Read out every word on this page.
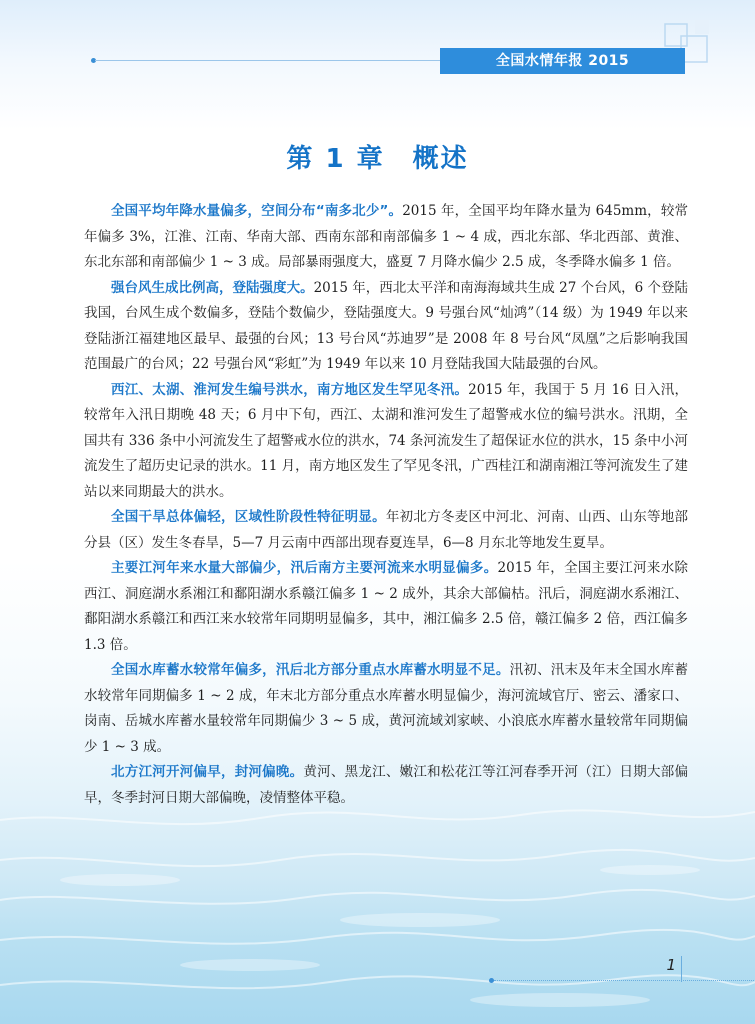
全国水情年报 2015
第 1 章　概述

全国平均年降水量偏多，空间分布“南多北少”。2015 年，全国平均年降水量为 645mm，较常年偏多 3%，江淮、江南、华南大部、西南东部和南部偏多 1 ~ 4 成，西北东部、华北西部、黄淮、东北东部和南部偏少 1 ~ 3 成。局部暴雨强度大，盛夏 7 月降水偏少 2.5 成，冬季降水偏多 1 倍。

强台风生成比例高，登陆强度大。2015 年，西北太平洋和南海海域共生成 27 个台风，6 个登陆我国，台风生成个数偏多，登陆个数偏少，登陆强度大。9 号强台风“灿鸿”（14 级）为 1949 年以来登陆浙江福建地区最早、最强的台风；13 号台风“苏迪罗”是 2008 年 8 号台风“凤凰”之后影响我国范围最广的台风；22 号强台风“彩虹”为 1949 年以来 10 月登陆我国大陆最强的台风。

西江、太湖、淮河发生编号洪水，南方地区发生罕见冬汛。2015 年，我国于 5 月 16 日入汛，较常年入汛日期晚 48 天；6 月中下旬，西江、太湖和淮河发生了超警戒水位的编号洪水。汛期，全国共有 336 条中小河流发生了超警戒水位的洪水，74 条河流发生了超保证水位的洪水，15 条中小河流发生了超历史记录的洪水。11 月，南方地区发生了罕见冬汛，广西桂江和湖南湘江等河流发生了建站以来同期最大的洪水。

全国干旱总体偏轻，区域性阶段性特征明显。年初北方冬麦区中河北、河南、山西、山东等地部分县（区）发生冬春旱，5—7 月云南中西部出现春夏连旱，6—8 月东北等地发生夏旱。

主要江河年来水量大部偏少，汛后南方主要河流来水明显偏多。2015 年，全国主要江河来水除西江、洞庭湖水系湘江和鄱阳湖水系赣江偏多 1 ~ 2 成外，其余大部偏枯。汛后，洞庭湖水系湘江、鄱阳湖水系赣江和西江来水较常年同期明显偏多，其中，湘江偏多 2.5 倍，赣江偏多 2 倍，西江偏多 1.3 倍。

全国水库蓄水较常年偏多，汛后北方部分重点水库蓄水明显不足。汛初、汛末及年末全国水库蓄水较常年同期偏多 1 ~ 2 成，年末北方部分重点水库蓄水明显偏少，海河流域官厅、密云、潘家口、岗南、岳城水库蓄水量较常年同期偏少 3 ~ 5 成，黄河流域刘家峡、小浪底水库蓄水量较常年同期偏少 1 ~ 3 成。

北方江河开河偏早，封河偏晚。黄河、黑龙江、嫩江和松花江等江河春季开河（江）日期大部偏早，冬季封河日期大部偏晚，凌情整体平稳。

1
